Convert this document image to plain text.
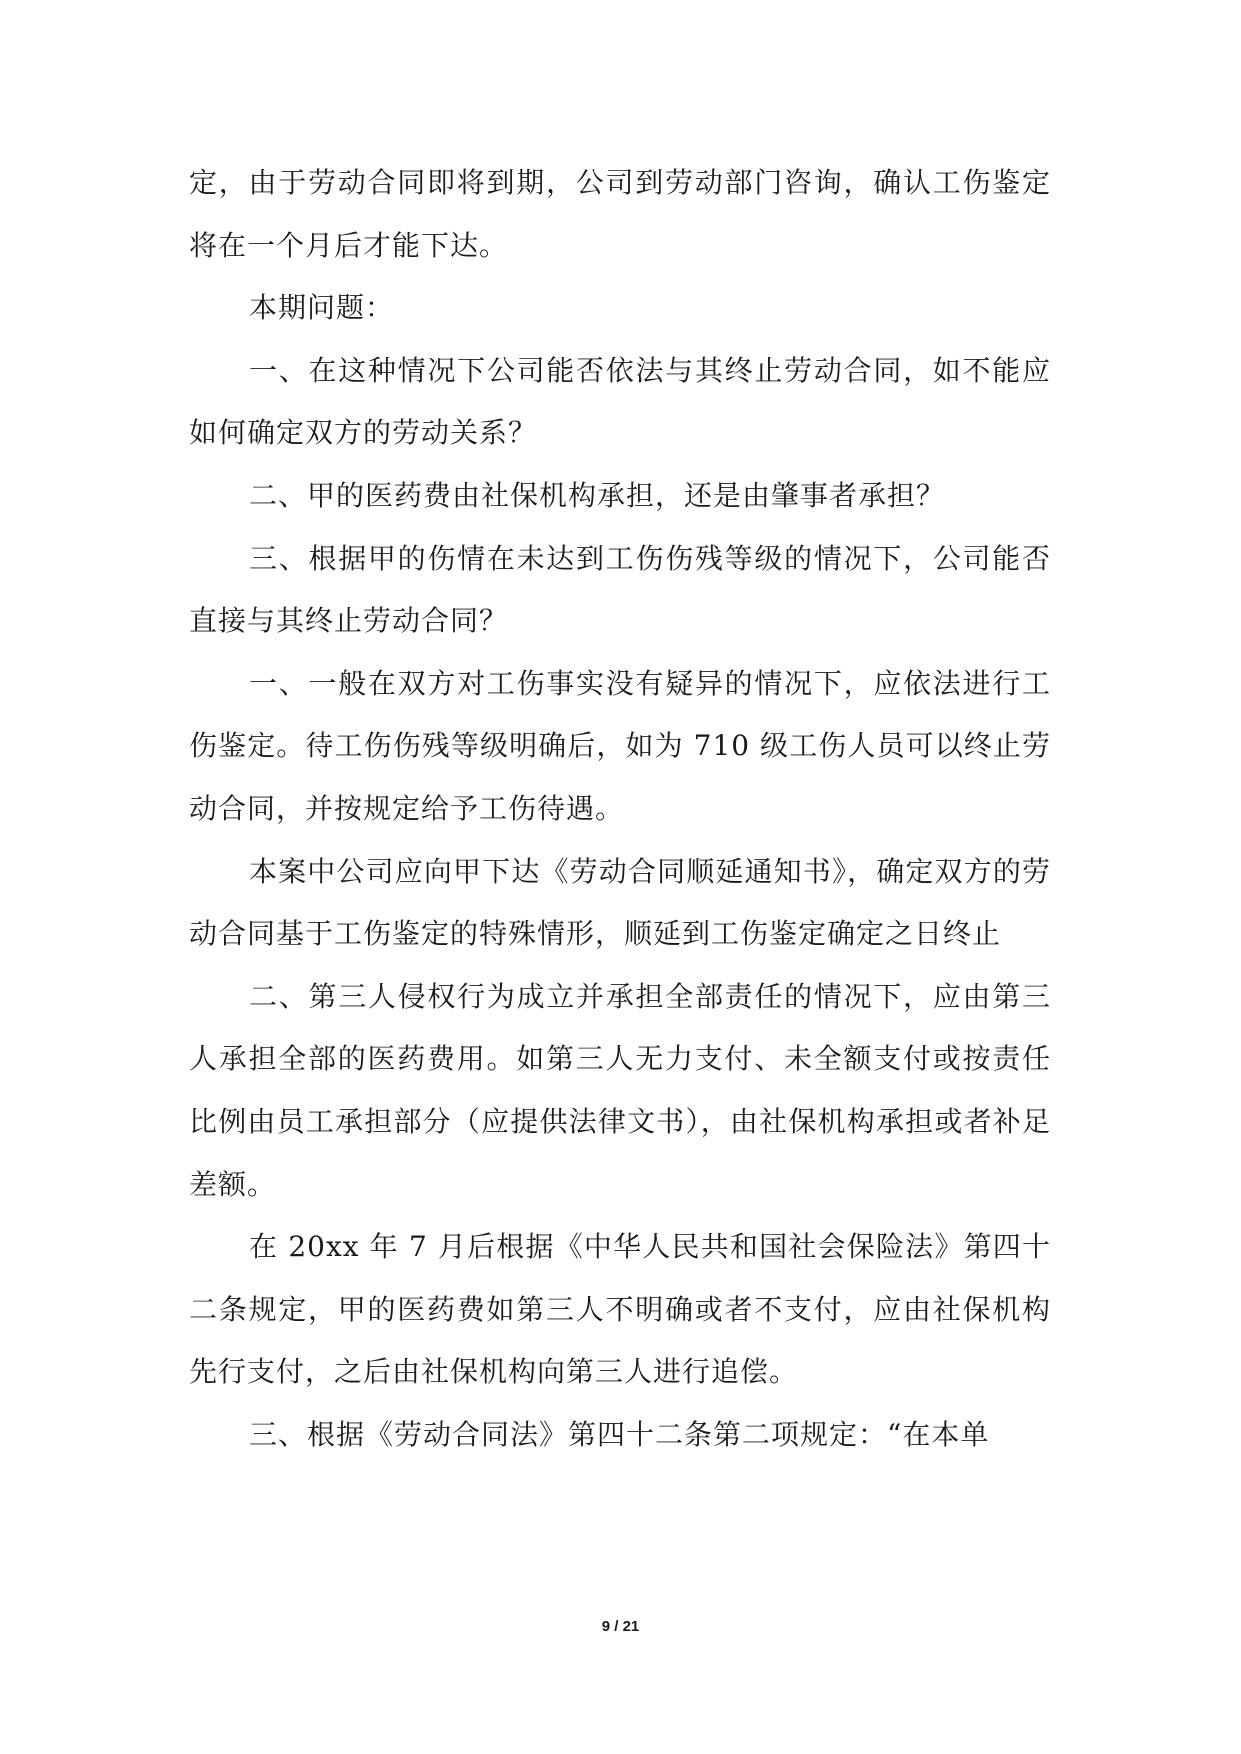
定，由于劳动合同即将到期，公司到劳动部门咨询，确认工伤鉴定将在一个月后才能下达。

本期问题：

一、在这种情况下公司能否依法与其终止劳动合同，如不能应如何确定双方的劳动关系？

二、甲的医药费由社保机构承担，还是由肇事者承担？

三、根据甲的伤情在未达到工伤伤残等级的情况下，公司能否直接与其终止劳动合同？

一、一般在双方对工伤事实没有疑异的情况下，应依法进行工伤鉴定。待工伤伤残等级明确后，如为 710 级工伤人员可以终止劳动合同，并按规定给予工伤待遇。

本案中公司应向甲下达《劳动合同顺延通知书》，确定双方的劳动合同基于工伤鉴定的特殊情形，顺延到工伤鉴定确定之日终止

二、第三人侵权行为成立并承担全部责任的情况下，应由第三人承担全部的医药费用。如第三人无力支付、未全额支付或按责任比例由员工承担部分（应提供法律文书），由社保机构承担或者补足差额。

在 20xx 年 7 月后根据《中华人民共和国社会保险法》第四十二条规定，甲的医药费如第三人不明确或者不支付，应由社保机构先行支付，之后由社保机构向第三人进行追偿。

三、根据《劳动合同法》第四十二条第二项规定：“在本单

9 / 21
